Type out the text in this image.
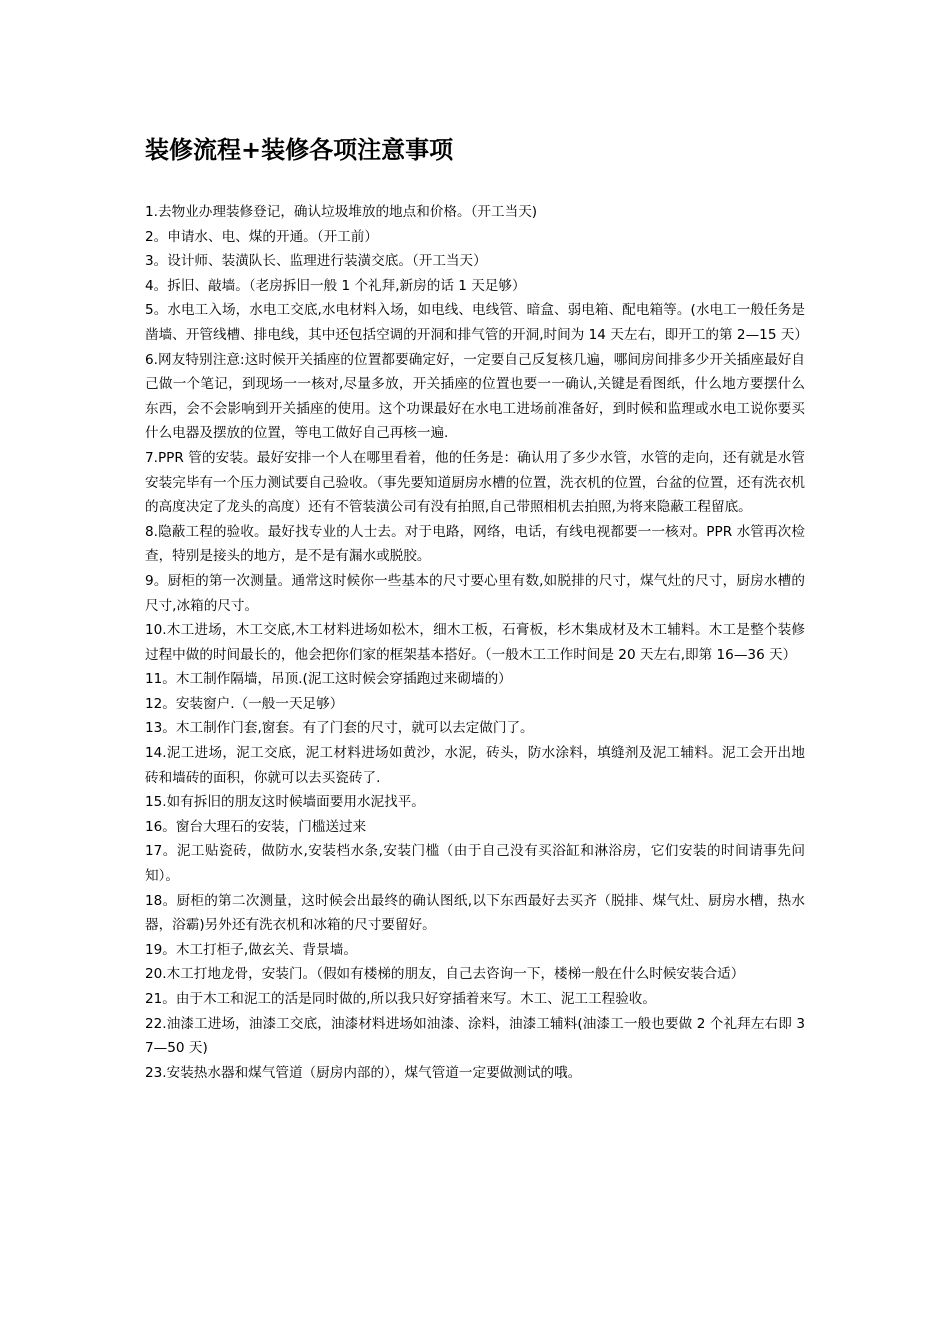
装修流程+装修各项注意事项
1.去物业办理装修登记，确认垃圾堆放的地点和价格。（开工当天)
2。申请水、电、煤的开通。（开工前）
3。设计师、装潢队长、监理进行装潢交底。（开工当天）
4。拆旧、敲墙。（老房拆旧一般 1 个礼拜,新房的话 1 天足够）
5。水电工入场，水电工交底,水电材料入场，如电线、电线管、暗盒、弱电箱、配电箱等。(水电工一般任务是凿墙、开管线槽、排电线，其中还包括空调的开洞和排气管的开洞,时间为 14 天左右，即开工的第 2—15 天）
6.网友特别注意:这时候开关插座的位置都要确定好，一定要自己反复核几遍，哪间房间排多少开关插座最好自己做一个笔记，到现场一一核对,尽量多放，开关插座的位置也要一一确认,关键是看图纸，什么地方要摆什么东西，会不会影响到开关插座的使用。这个功课最好在水电工进场前准备好，到时候和监理或水电工说你要买什么电器及摆放的位置，等电工做好自己再核一遍.
7.PPR 管的安装。最好安排一个人在哪里看着，他的任务是：确认用了多少水管，水管的走向，还有就是水管安装完毕有一个压力测试要自己验收。（事先要知道厨房水槽的位置，洗衣机的位置，台盆的位置，还有洗衣机的高度决定了龙头的高度）还有不管装潢公司有没有拍照,自己带照相机去拍照,为将来隐蔽工程留底。
8.隐蔽工程的验收。最好找专业的人士去。对于电路，网络，电话，有线电视都要一一核对。PPR 水管再次检查，特别是接头的地方，是不是有漏水或脱胶。
9。厨柜的第一次测量。通常这时候你一些基本的尺寸要心里有数,如脱排的尺寸，煤气灶的尺寸，厨房水槽的尺寸,冰箱的尺寸。
10.木工进场，木工交底,木工材料进场如松木，细木工板，石膏板，杉木集成材及木工辅料。木工是整个装修过程中做的时间最长的，他会把你们家的框架基本搭好。（一般木工工作时间是 20 天左右,即第 16—36 天）
11。木工制作隔墙，吊顶.(泥工这时候会穿插跑过来砌墙的）
12。安装窗户.（一般一天足够）
13。木工制作门套,窗套。有了门套的尺寸，就可以去定做门了。
14.泥工进场，泥工交底，泥工材料进场如黄沙，水泥，砖头，防水涂料，填缝剂及泥工辅料。泥工会开出地砖和墙砖的面积，你就可以去买瓷砖了.
15.如有拆旧的朋友这时候墙面要用水泥找平。
16。窗台大理石的安装，门槛送过来
17。泥工贴瓷砖，做防水,安装档水条,安装门槛（由于自己没有买浴缸和淋浴房，它们安装的时间请事先问知）。
18。厨柜的第二次测量，这时候会出最终的确认图纸,以下东西最好去买齐（脱排、煤气灶、厨房水槽，热水器，浴霸)另外还有洗衣机和冰箱的尺寸要留好。
19。木工打柜子,做玄关、背景墙。
20.木工打地龙骨，安装门。（假如有楼梯的朋友，自己去咨询一下，楼梯一般在什么时候安装合适）
21。由于木工和泥工的活是同时做的,所以我只好穿插着来写。木工、泥工工程验收。
22.油漆工进场，油漆工交底，油漆材料进场如油漆、涂料，油漆工辅料(油漆工一般也要做 2 个礼拜左右即 37—50 天)
23.安装热水器和煤气管道（厨房内部的），煤气管道一定要做测试的哦。
